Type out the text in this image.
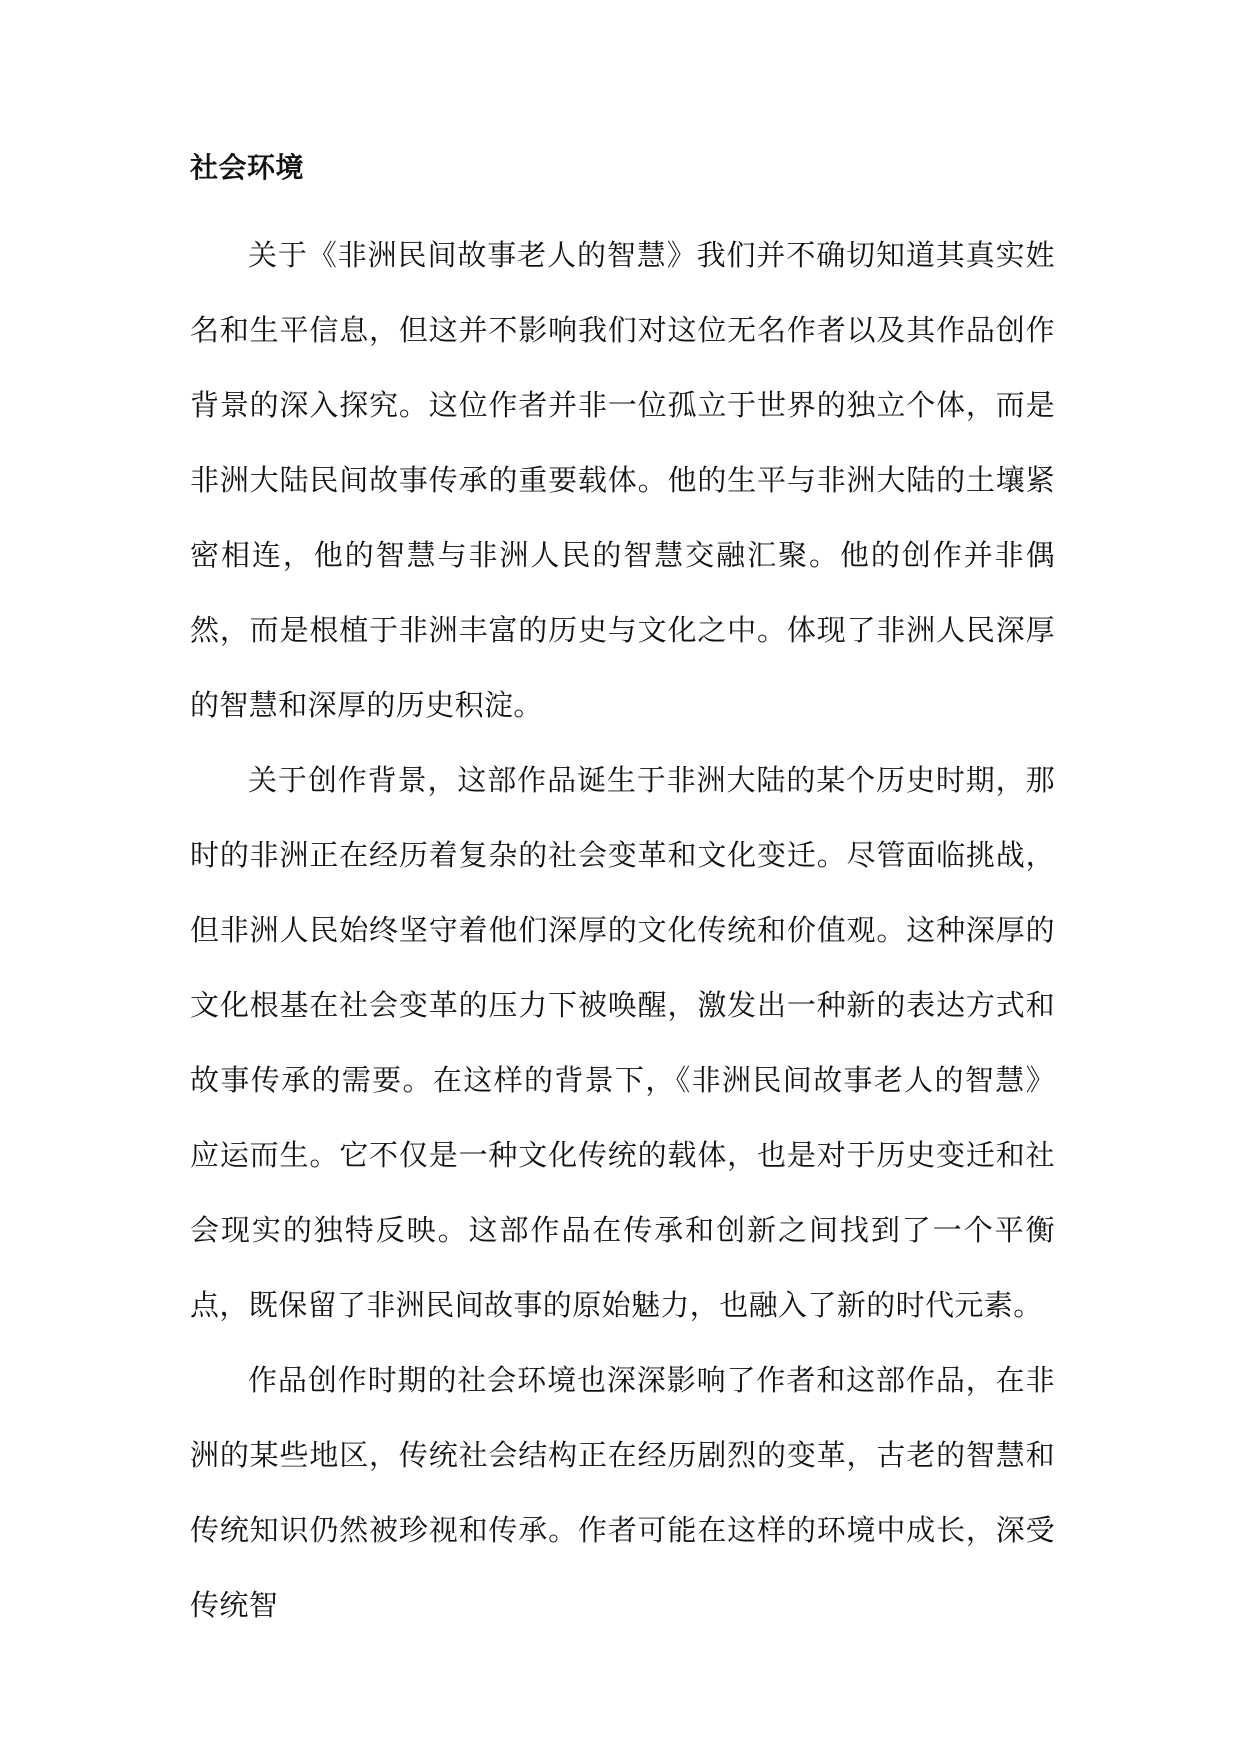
社会环境

关于《非洲民间故事老人的智慧》我们并不确切知道其真实姓名和生平信息，但这并不影响我们对这位无名作者以及其作品创作背景的深入探究。这位作者并非一位孤立于世界的独立个体，而是非洲大陆民间故事传承的重要载体。他的生平与非洲大陆的土壤紧密相连，他的智慧与非洲人民的智慧交融汇聚。他的创作并非偶然，而是根植于非洲丰富的历史与文化之中。体现了非洲人民深厚的智慧和深厚的历史积淀。

关于创作背景，这部作品诞生于非洲大陆的某个历史时期，那时的非洲正在经历着复杂的社会变革和文化变迁。尽管面临挑战，但非洲人民始终坚守着他们深厚的文化传统和价值观。这种深厚的文化根基在社会变革的压力下被唤醒，激发出一种新的表达方式和故事传承的需要。在这样的背景下，《非洲民间故事老人的智慧》应运而生。它不仅是一种文化传统的载体，也是对于历史变迁和社会现实的独特反映。这部作品在传承和创新之间找到了一个平衡点，既保留了非洲民间故事的原始魅力，也融入了新的时代元素。

作品创作时期的社会环境也深深影响了作者和这部作品，在非洲的某些地区，传统社会结构正在经历剧烈的变革，古老的智慧和传统知识仍然被珍视和传承。作者可能在这样的环境中成长，深受传统智
